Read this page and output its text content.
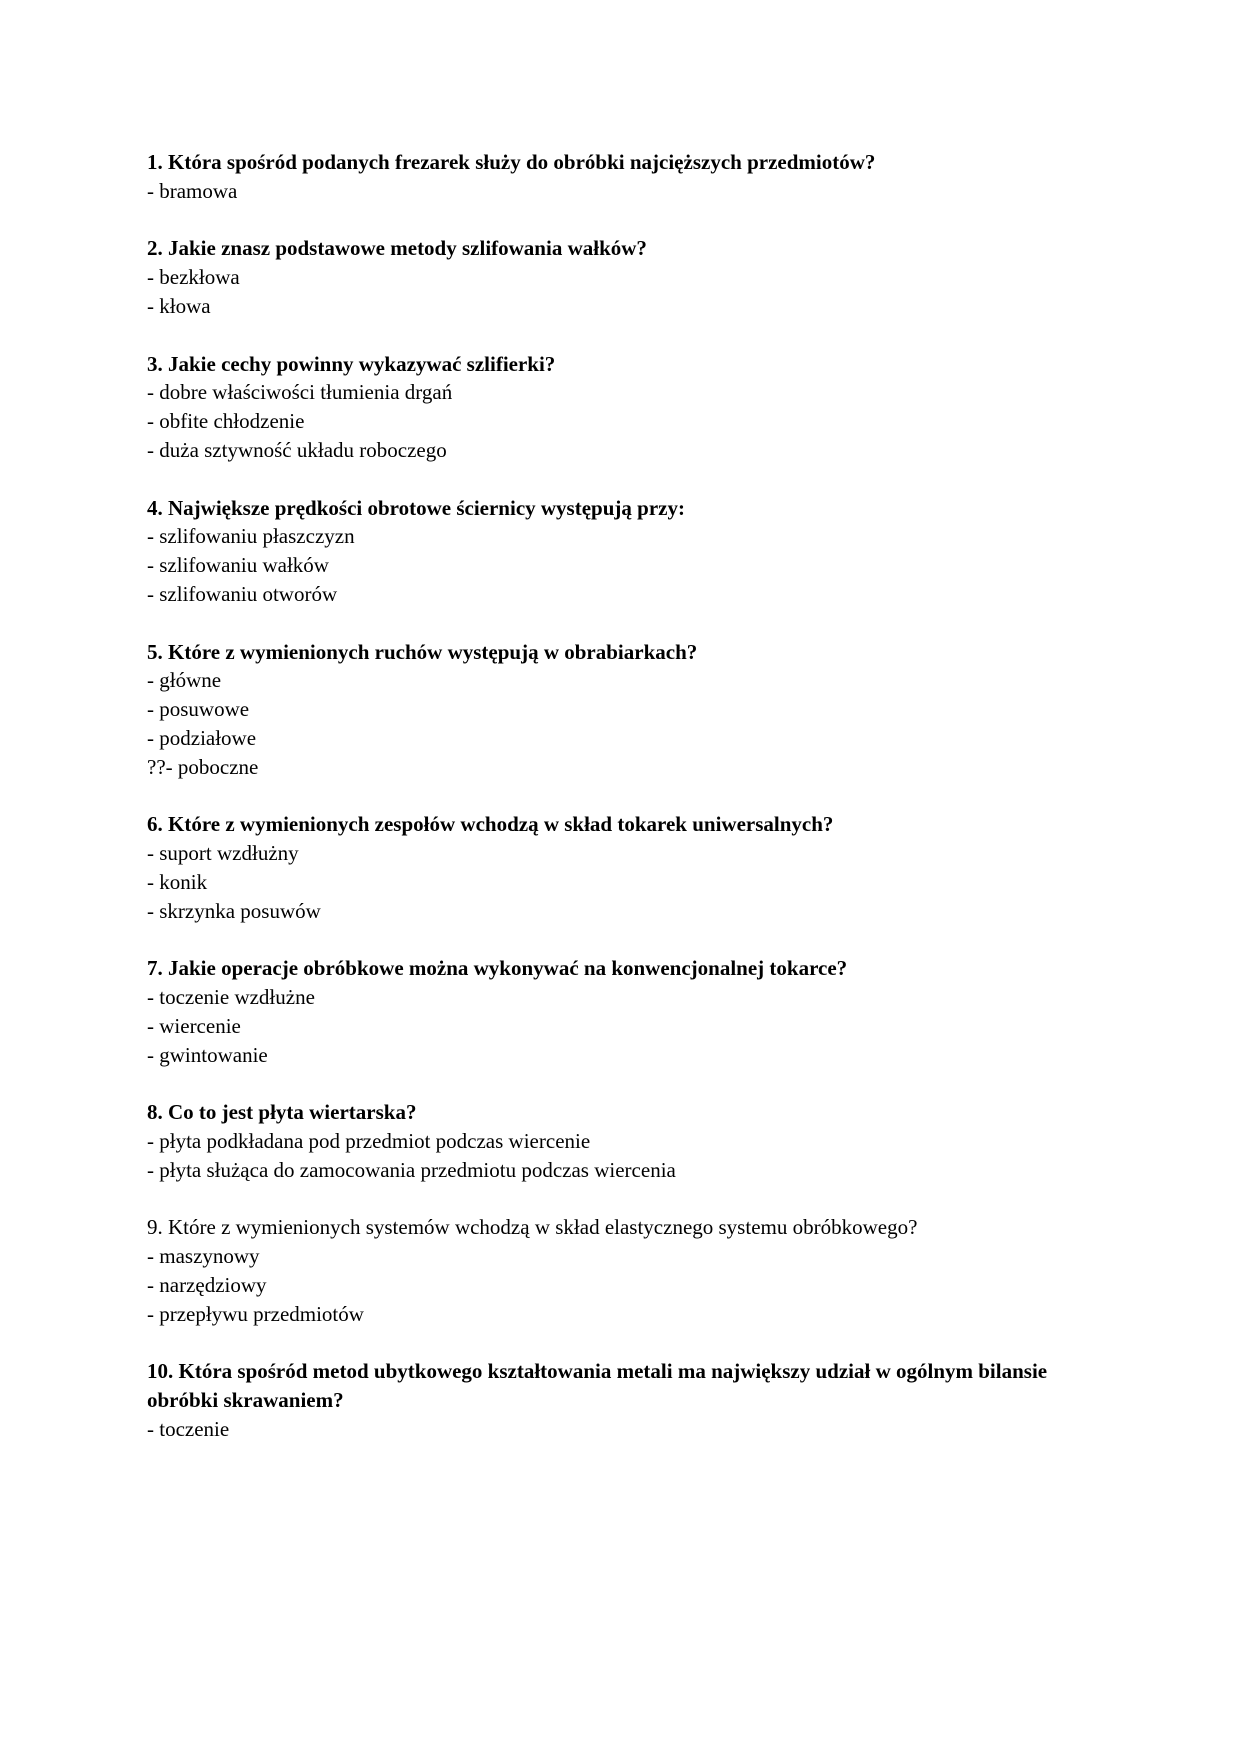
1. Która spośród podanych frezarek służy do obróbki najcięższych przedmiotów?
- bramowa
2. Jakie znasz podstawowe metody szlifowania wałków?
- bezkłowa
- kłowa
3. Jakie cechy powinny wykazywać szlifierki?
- dobre właściwości tłumienia drgań
- obfite chłodzenie
- duża sztywność układu roboczego
4. Największe prędkości obrotowe ściernicy występują przy:
- szlifowaniu płaszczyzn
- szlifowaniu wałków
- szlifowaniu otworów
5. Które z wymienionych ruchów występują w obrabiarkach?
- główne
- posuwowe
- podziałowe
??- poboczne
6. Które z wymienionych zespołów wchodzą w skład tokarek uniwersalnych?
- suport wzdłużny
- konik
- skrzynka posuwów
7. Jakie operacje obróbkowe można wykonywać na konwencjonalnej tokarce?
- toczenie wzdłużne
- wiercenie
- gwintowanie
8. Co to jest płyta wiertarska?
- płyta podkładana pod przedmiot podczas wiercenie
- płyta służąca do zamocowania przedmiotu podczas wiercenia
9. Które z wymienionych systemów wchodzą w skład elastycznego systemu obróbkowego?
- maszynowy
- narzędziowy
- przepływu przedmiotów
10. Która spośród metod ubytkowego kształtowania metali ma największy udział w ogólnym bilansie obróbki skrawaniem?
- toczenie
